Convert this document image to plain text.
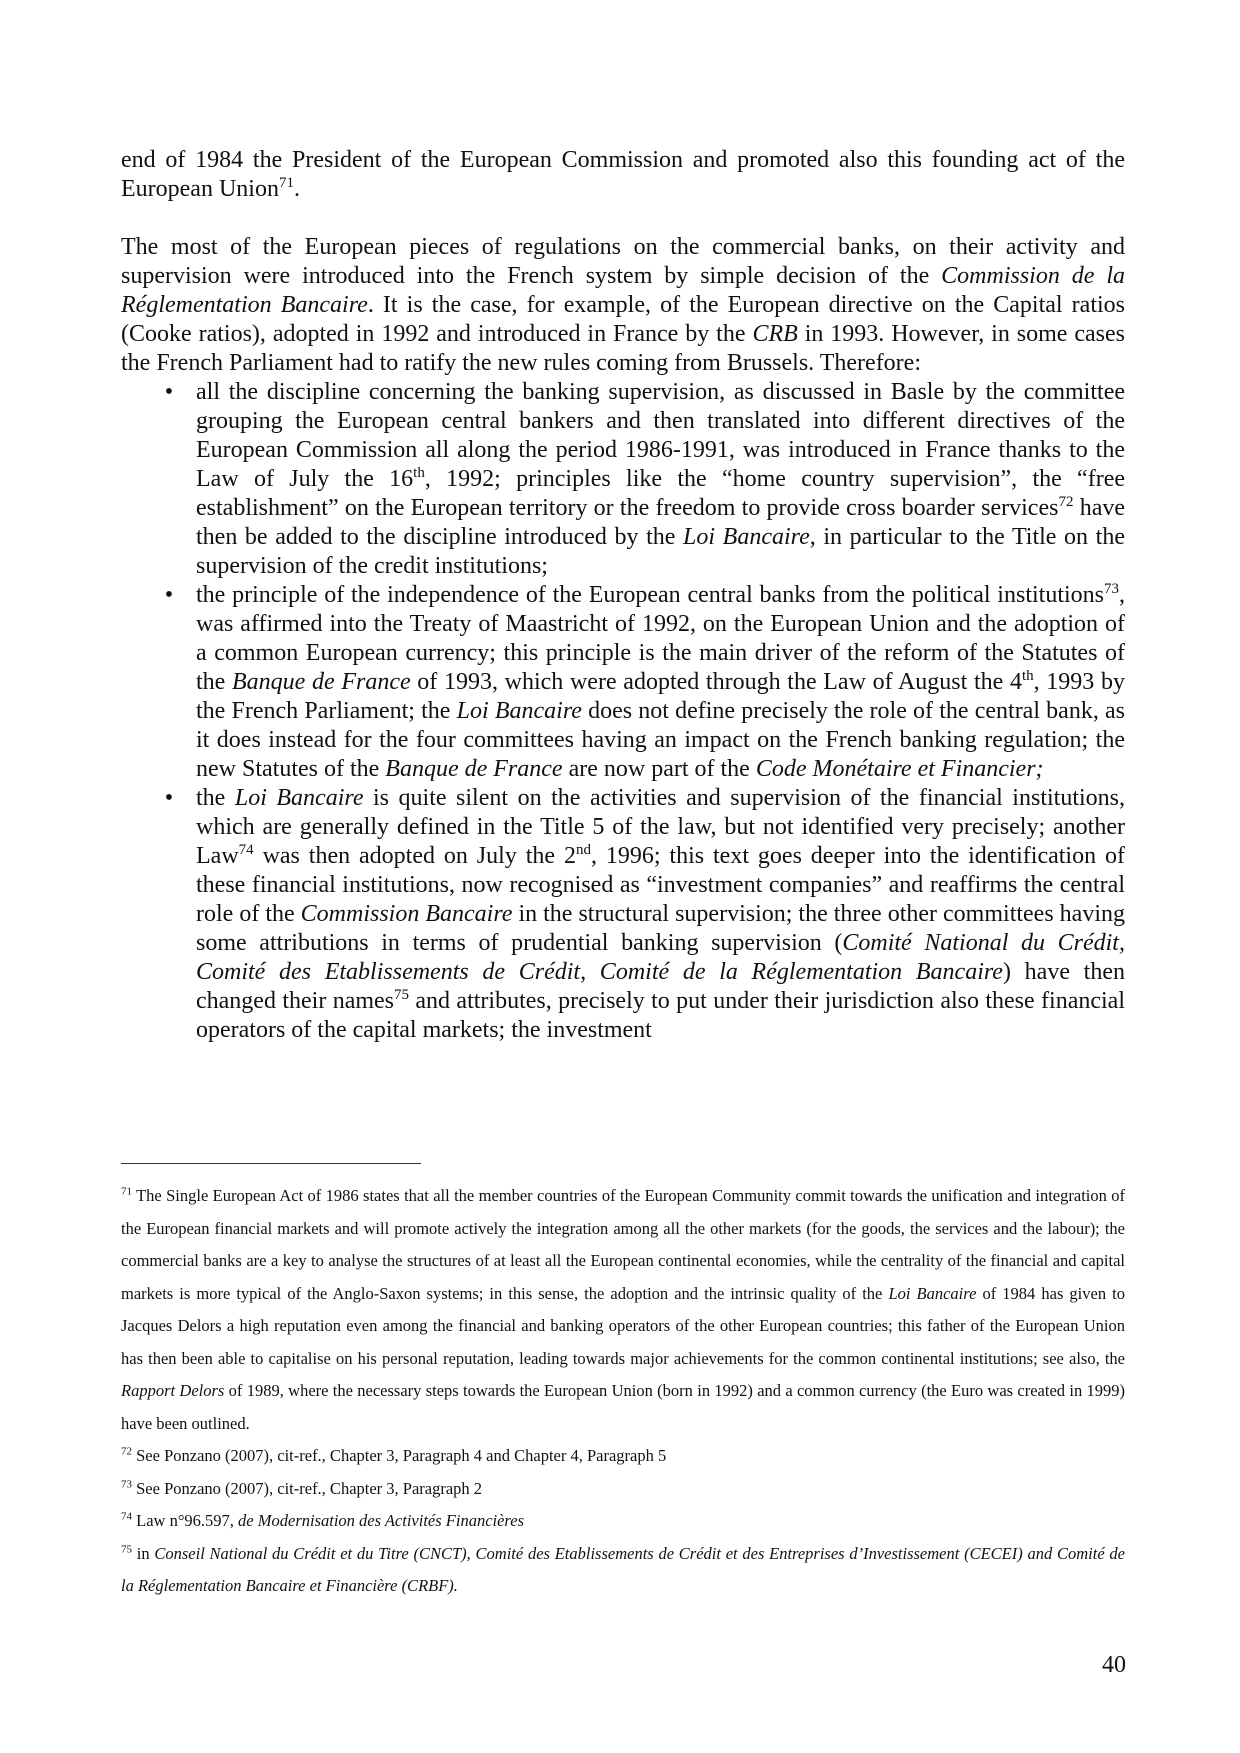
end of 1984 the President of the European Commission and promoted also this founding act of the European Union$^{71}$.

The most of the European pieces of regulations on the commercial banks, on their activity and supervision were introduced into the French system by simple decision of the Commission de la Réglementation Bancaire. It is the case, for example, of the European directive on the Capital ratios (Cooke ratios), adopted in 1992 and introduced in France by the CRB in 1993. However, in some cases the French Parliament had to ratify the new rules coming from Brussels. Therefore:

• all the discipline concerning the banking supervision, as discussed in Basle by the committee grouping the European central bankers and then translated into different directives of the European Commission all along the period 1986-1991, was introduced in France thanks to the Law of July the 16th, 1992; principles like the “home country supervision”, the “free establishment” on the European territory or the freedom to provide cross boarder services$^{72}$ have then be added to the discipline introduced by the Loi Bancaire, in particular to the Title on the supervision of the credit institutions;
• the principle of the independence of the European central banks from the political institutions$^{73}$, was affirmed into the Treaty of Maastricht of 1992, on the European Union and the adoption of a common European currency; this principle is the main driver of the reform of the Statutes of the Banque de France of 1993, which were adopted through the Law of August the 4th, 1993 by the French Parliament; the Loi Bancaire does not define precisely the role of the central bank, as it does instead for the four committees having an impact on the French banking regulation; the new Statutes of the Banque de France are now part of the Code Monétaire et Financier;
• the Loi Bancaire is quite silent on the activities and supervision of the financial institutions, which are generally defined in the Title 5 of the law, but not identified very precisely; another Law$^{74}$ was then adopted on July the 2nd, 1996; this text goes deeper into the identification of these financial institutions, now recognised as “investment companies” and reaffirms the central role of the Commission Bancaire in the structural supervision; the three other committees having some attributions in terms of prudential banking supervision (Comité National du Crédit, Comité des Etablissements de Crédit, Comité de la Réglementation Bancaire) have then changed their names$^{75}$ and attributes, precisely to put under their jurisdiction also these financial operators of the capital markets; the investment

$^{71}$ The Single European Act of 1986 states that all the member countries of the European Community commit towards the unification and integration of the European financial markets and will promote actively the integration among all the other markets (for the goods, the services and the labour); the commercial banks are a key to analyse the structures of at least all the European continental economies, while the centrality of the financial and capital markets is more typical of the Anglo-Saxon systems; in this sense, the adoption and the intrinsic quality of the Loi Bancaire of 1984 has given to Jacques Delors a high reputation even among the financial and banking operators of the other European countries; this father of the European Union has then been able to capitalise on his personal reputation, leading towards major achievements for the common continental institutions; see also, the Rapport Delors of 1989, where the necessary steps towards the European Union (born in 1992) and a common currency (the Euro was created in 1999) have been outlined.

$^{72}$ See Ponzano (2007), cit-ref., Chapter 3, Paragraph 4 and Chapter 4, Paragraph 5

$^{73}$ See Ponzano (2007), cit-ref., Chapter 3, Paragraph 2

$^{74}$ Law n°96.597, de Modernisation des Activités Financières

$^{75}$ in Conseil National du Crédit et du Titre (CNCT), Comité des Etablissements de Crédit et des Entreprises d’Investissement (CECEI) and Comité de la Réglementation Bancaire et Financière (CRBF).

40
